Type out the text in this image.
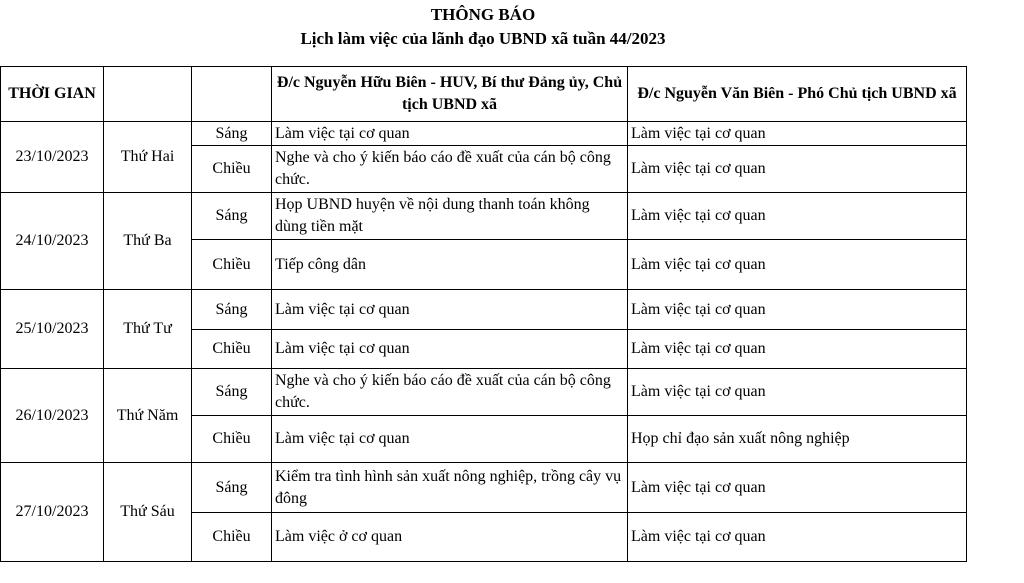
THÔNG BÁO
Lịch làm việc của lãnh đạo UBND xã tuần 44/2023
THỜI GIAN			Đ/c Nguyễn Hữu Biên - HUV, Bí thư Đảng ủy, Chủ tịch UBND xã	Đ/c Nguyễn Văn Biên - Phó Chủ tịch UBND xã
23/10/2023	Thứ Hai	Sáng	Làm việc tại cơ quan	Làm việc tại cơ quan
		Chiều	Nghe và cho ý kiến báo cáo đề xuất của cán bộ công chức.	Làm việc tại cơ quan
24/10/2023	Thứ Ba	Sáng	Họp UBND huyện về nội dung thanh toán không dùng tiền mặt	Làm việc tại cơ quan
		Chiều	Tiếp công dân	Làm việc tại cơ quan
25/10/2023	Thứ Tư	Sáng	Làm việc tại cơ quan	Làm việc tại cơ quan
		Chiều	Làm việc tại cơ quan	Làm việc tại cơ quan
26/10/2023	Thứ Năm	Sáng	Nghe và cho ý kiến báo cáo đề xuất của cán bộ công chức.	Làm việc tại cơ quan
		Chiều	Làm việc tại cơ quan	Họp chỉ đạo sản xuất nông nghiệp
27/10/2023	Thứ Sáu	Sáng	Kiểm tra tình hình sản xuất nông nghiệp, trồng cây vụ đông	Làm việc tại cơ quan
		Chiều	Làm việc ở cơ quan	Làm việc tại cơ quan
